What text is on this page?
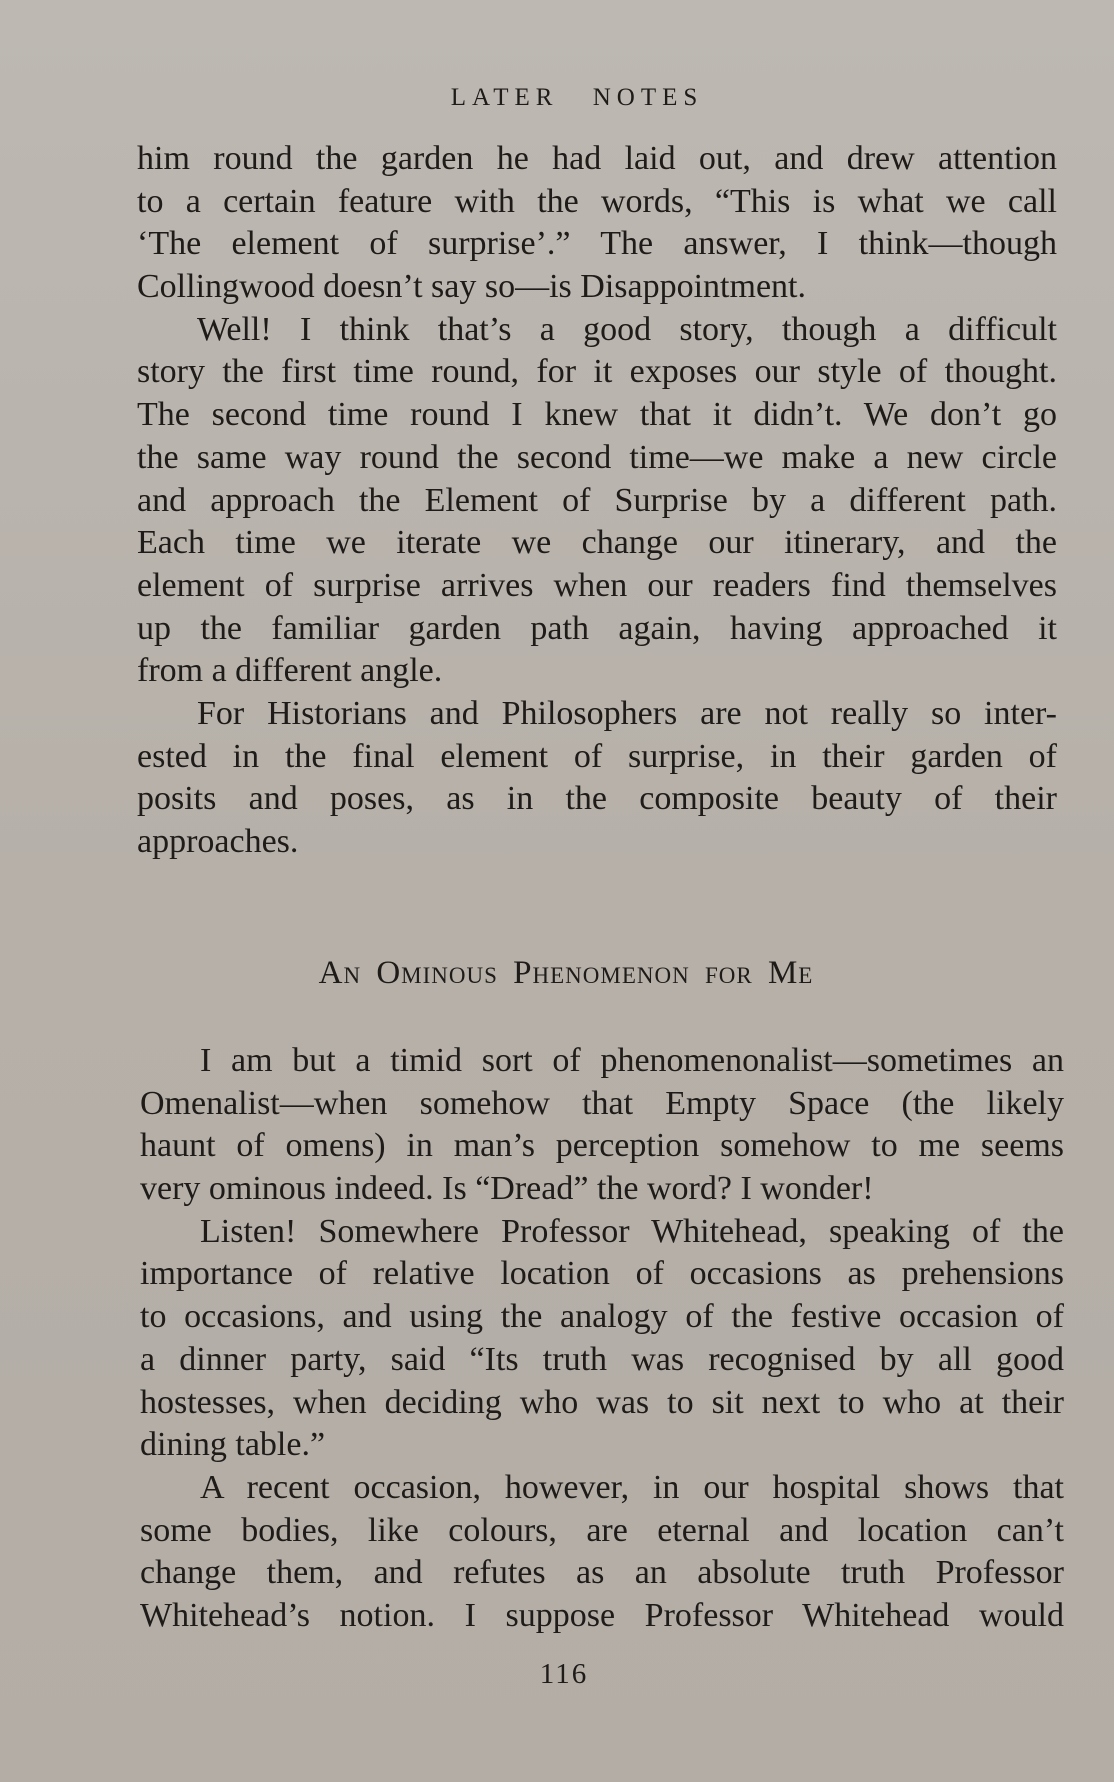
LATER NOTES
him round the garden he had laid out, and drew attention
to a certain feature with the words, “This is what we call
‘The element of surprise’.” The answer, I think—though
Collingwood doesn’t say so—is Disappointment.
Well! I think that’s a good story, though a difficult
story the first time round, for it exposes our style of thought.
The second time round I knew that it didn’t. We don’t go
the same way round the second time—we make a new circle
and approach the Element of Surprise by a different path.
Each time we iterate we change our itinerary, and the
element of surprise arrives when our readers find themselves
up the familiar garden path again, having approached it
from a different angle.
For Historians and Philosophers are not really so inter-
ested in the final element of surprise, in their garden of
posits and poses, as in the composite beauty of their
approaches.
An Ominous Phenomenon for Me
I am but a timid sort of phenomenonalist—sometimes an
Omenalist—when somehow that Empty Space (the likely
haunt of omens) in man’s perception somehow to me seems
very ominous indeed. Is “Dread” the word? I wonder!
Listen! Somewhere Professor Whitehead, speaking of the
importance of relative location of occasions as prehensions
to occasions, and using the analogy of the festive occasion of
a dinner party, said “Its truth was recognised by all good
hostesses, when deciding who was to sit next to who at their
dining table.”
A recent occasion, however, in our hospital shows that
some bodies, like colours, are eternal and location can’t
change them, and refutes as an absolute truth Professor
Whitehead’s notion. I suppose Professor Whitehead would
116
